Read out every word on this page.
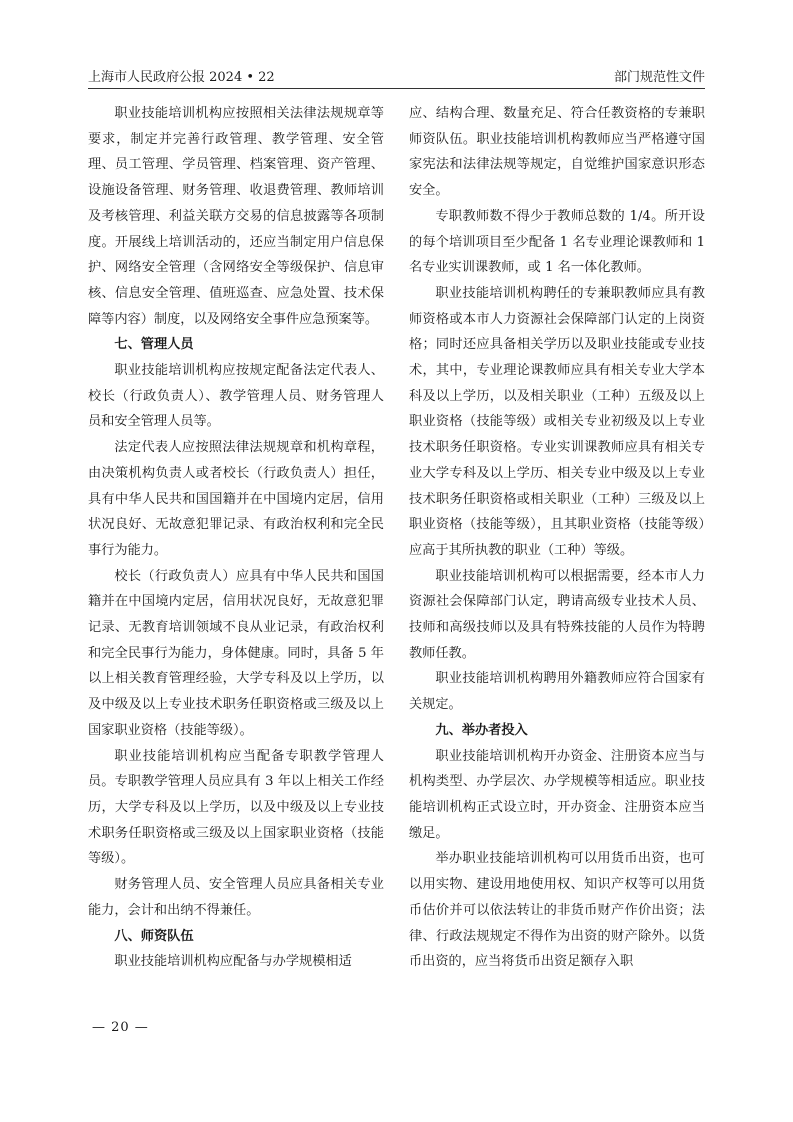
上海市人民政府公报 2024 • 22	部门规范性文件

职业技能培训机构应按照相关法律法规规章等要求，制定并完善行政管理、教学管理、安全管理、员工管理、学员管理、档案管理、资产管理、设施设备管理、财务管理、收退费管理、教师培训及考核管理、利益关联方交易的信息披露等各项制度。开展线上培训活动的，还应当制定用户信息保护、网络安全管理（含网络安全等级保护、信息审核、信息安全管理、值班巡查、应急处置、技术保障等内容）制度，以及网络安全事件应急预案等。

七、管理人员

职业技能培训机构应按规定配备法定代表人、校长（行政负责人）、教学管理人员、财务管理人员和安全管理人员等。

法定代表人应按照法律法规规章和机构章程，由决策机构负责人或者校长（行政负责人）担任，具有中华人民共和国国籍并在中国境内定居，信用状况良好、无故意犯罪记录、有政治权利和完全民事行为能力。

校长（行政负责人）应具有中华人民共和国国籍并在中国境内定居，信用状况良好，无故意犯罪记录、无教育培训领域不良从业记录，有政治权利和完全民事行为能力，身体健康。同时，具备 5 年以上相关教育管理经验，大学专科及以上学历，以及中级及以上专业技术职务任职资格或三级及以上国家职业资格（技能等级）。

职业技能培训机构应当配备专职教学管理人员。专职教学管理人员应具有 3 年以上相关工作经历，大学专科及以上学历，以及中级及以上专业技术职务任职资格或三级及以上国家职业资格（技能等级）。

财务管理人员、安全管理人员应具备相关专业能力，会计和出纳不得兼任。

八、师资队伍

职业技能培训机构应配备与办学规模相适

应、结构合理、数量充足、符合任教资格的专兼职师资队伍。职业技能培训机构教师应当严格遵守国家宪法和法律法规等规定，自觉维护国家意识形态安全。

专职教师数不得少于教师总数的 1/4。所开设的每个培训项目至少配备 1 名专业理论课教师和 1 名专业实训课教师，或 1 名一体化教师。

职业技能培训机构聘任的专兼职教师应具有教师资格或本市人力资源社会保障部门认定的上岗资格；同时还应具备相关学历以及职业技能或专业技术，其中，专业理论课教师应具有相关专业大学本科及以上学历，以及相关职业（工种）五级及以上职业资格（技能等级）或相关专业初级及以上专业技术职务任职资格。专业实训课教师应具有相关专业大学专科及以上学历、相关专业中级及以上专业技术职务任职资格或相关职业（工种）三级及以上职业资格（技能等级），且其职业资格（技能等级）应高于其所执教的职业（工种）等级。

职业技能培训机构可以根据需要，经本市人力资源社会保障部门认定，聘请高级专业技术人员、技师和高级技师以及具有特殊技能的人员作为特聘教师任教。

职业技能培训机构聘用外籍教师应符合国家有关规定。

九、举办者投入

职业技能培训机构开办资金、注册资本应当与机构类型、办学层次、办学规模等相适应。职业技能培训机构正式设立时，开办资金、注册资本应当缴足。

举办职业技能培训机构可以用货币出资，也可以用实物、建设用地使用权、知识产权等可以用货币估价并可以依法转让的非货币财产作价出资；法律、行政法规规定不得作为出资的财产除外。以货币出资的，应当将货币出资足额存入职

— 20 —
